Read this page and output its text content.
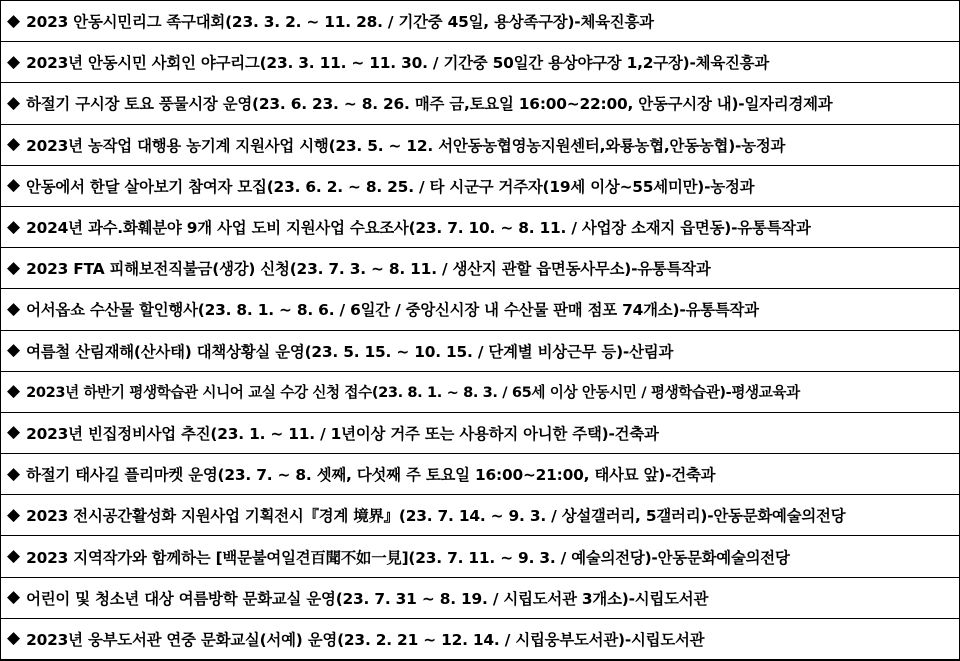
◆ 2023 안동시민리그 족구대회(23. 3. 2. ~ 11. 28. / 기간중 45일, 용상족구장)-체육진흥과
◆ 2023년 안동시민 사회인 야구리그(23. 3. 11. ~ 11. 30. / 기간중 50일간 용상야구장 1,2구장)-체육진흥과
◆ 하절기 구시장 토요 풍물시장 운영(23. 6. 23. ~ 8. 26. 매주 금,토요일 16:00~22:00, 안동구시장 내)-일자리경제과
◆ 2023년 농작업 대행용 농기계 지원사업 시행(23. 5. ~ 12. 서안동농협영농지원센터,와룡농협,안동농협)-농정과
◆ 안동에서 한달 살아보기 참여자 모집(23. 6. 2. ~ 8. 25. / 타 시군구 거주자(19세 이상~55세미만)-농정과
◆ 2024년 과수.화훼분야 9개 사업 도비 지원사업 수요조사(23. 7. 10. ~ 8. 11. / 사업장 소재지 읍면동)-유통특작과
◆ 2023 FTA 피해보전직불금(생강) 신청(23. 7. 3. ~ 8. 11. / 생산지 관할 읍면동사무소)-유통특작과
◆ 어서옵쇼 수산물 할인행사(23. 8. 1. ~ 8. 6. / 6일간 / 중앙신시장 내 수산물 판매 점포 74개소)-유통특작과
◆ 여름철 산림재해(산사태) 대책상황실 운영(23. 5. 15. ~ 10. 15. / 단계별 비상근무 등)-산림과
◆ 2023년 하반기 평생학습관 시니어 교실 수강 신청 접수(23. 8. 1. ~ 8. 3. / 65세 이상 안동시민 / 평생학습관)-평생교육과
◆ 2023년 빈집정비사업 추진(23. 1. ~ 11. / 1년이상 거주 또는 사용하지 아니한 주택)-건축과
◆ 하절기 태사길 플리마켓 운영(23. 7. ~ 8. 셋째, 다섯째 주 토요일 16:00~21:00, 태사묘 앞)-건축과
◆ 2023 전시공간활성화 지원사업 기획전시『경계 境界』(23. 7. 14. ~ 9. 3. / 상설갤러리, 5갤러리)-안동문화예술의전당
◆ 2023 지역작가와 함께하는 [백문불여일견百聞不如一見](23. 7. 11. ~ 9. 3. / 예술의전당)-안동문화예술의전당
◆ 어린이 및 청소년 대상 여름방학 문화교실 운영(23. 7. 31 ~ 8. 19. / 시립도서관 3개소)-시립도서관
◆ 2023년 웅부도서관 연중 문화교실(서예) 운영(23. 2. 21 ~ 12. 14. / 시립웅부도서관)-시립도서관
